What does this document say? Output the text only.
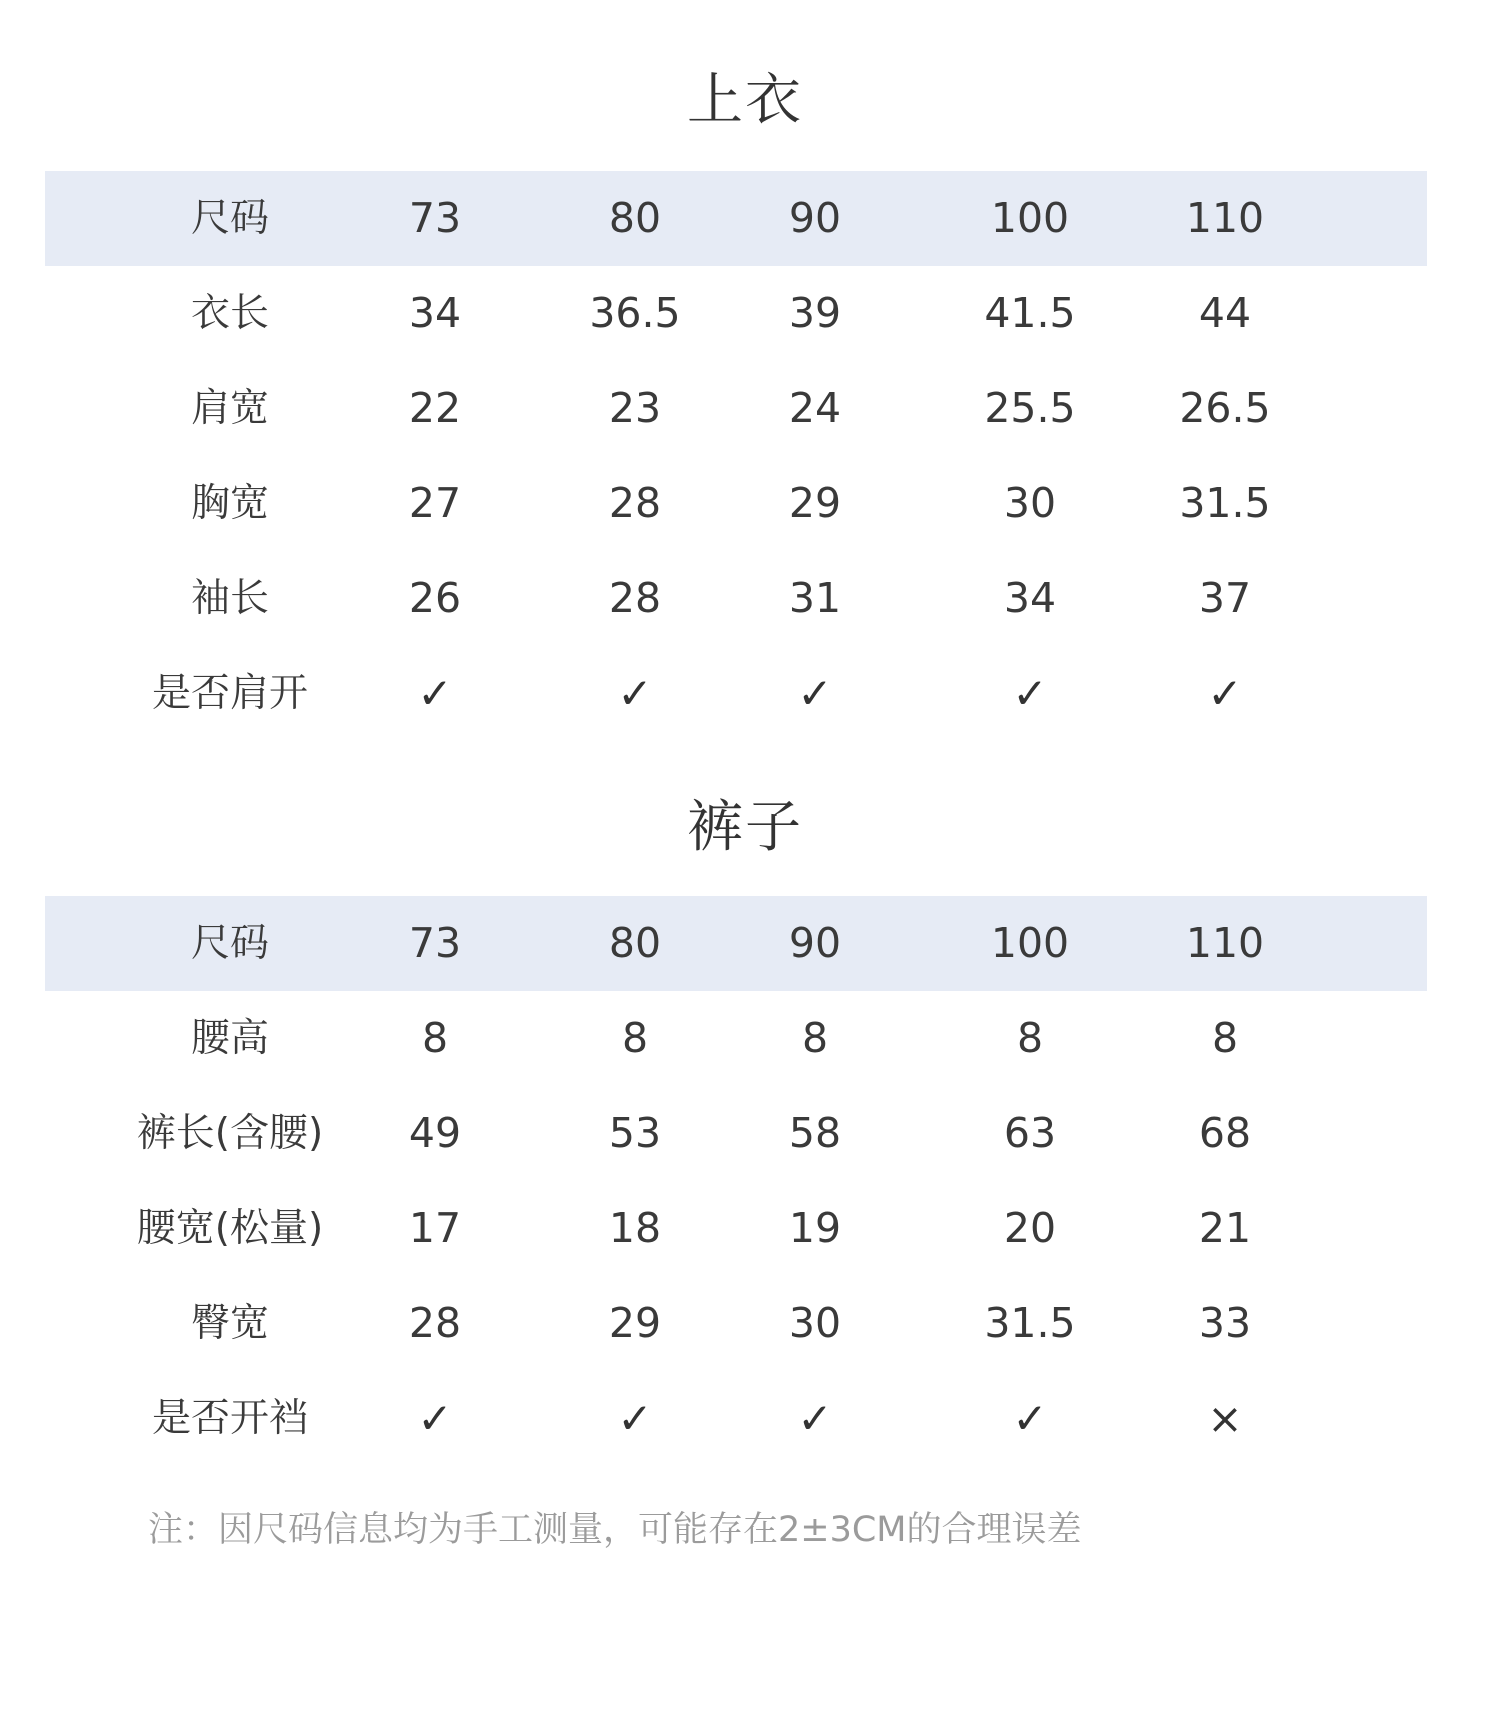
上衣
尺码	73	80	90	100	110
衣长	34	36.5	39	41.5	44
肩宽	22	23	24	25.5	26.5
胸宽	27	28	29	30	31.5
袖长	26	28	31	34	37
是否肩开	✓	✓	✓	✓	✓
裤子
尺码	73	80	90	100	110
腰高	8	8	8	8	8
裤长(含腰)	49	53	58	63	68
腰宽(松量)	17	18	19	20	21
臀宽	28	29	30	31.5	33
是否开裆	✓	✓	✓	✓	×
注：因尺码信息均为手工测量，可能存在2±3CM的合理误差
